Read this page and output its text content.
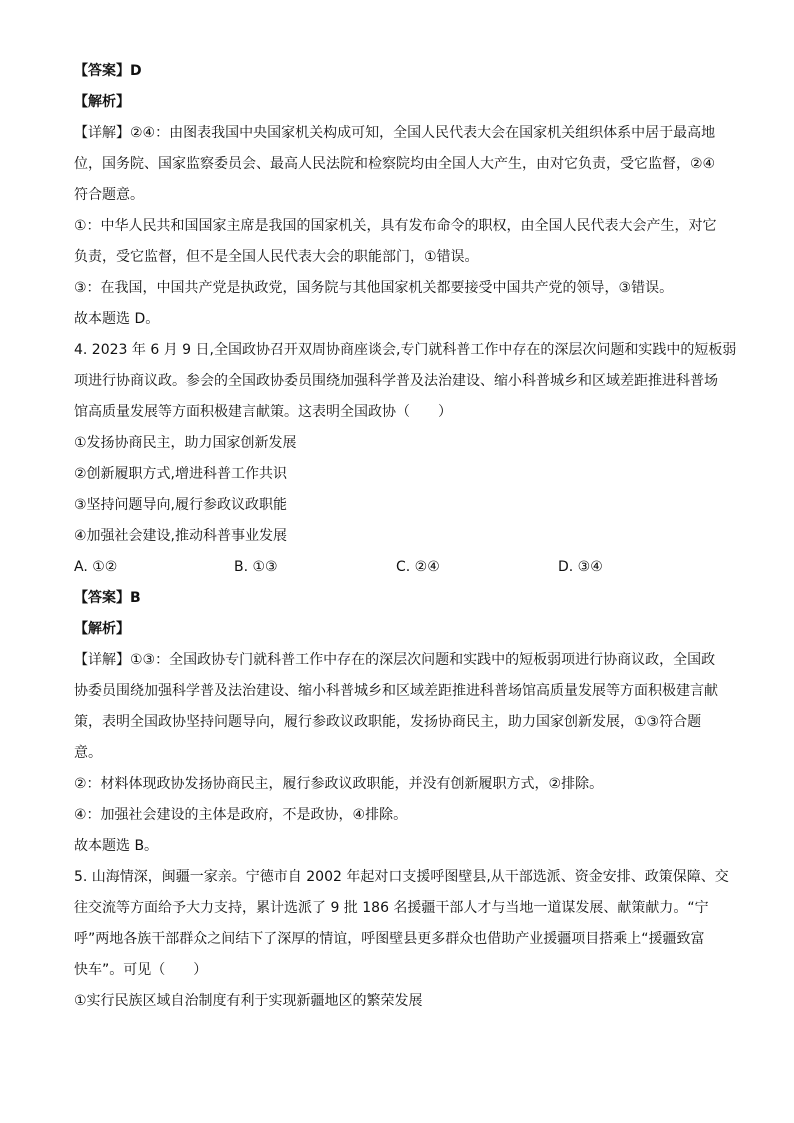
【答案】D
【解析】
【详解】②④：由图表我国中央国家机关构成可知，全国人民代表大会在国家机关组织体系中居于最高地
位，国务院、国家监察委员会、最高人民法院和检察院均由全国人大产生，由对它负责，受它监督，②④
符合题意。
①：中华人民共和国国家主席是我国的国家机关，具有发布命令的职权，由全国人民代表大会产生，对它
负责，受它监督，但不是全国人民代表大会的职能部门，①错误。
③：在我国，中国共产党是执政党，国务院与其他国家机关都要接受中国共产党的领导，③错误。
故本题选 D。
4. 2023 年 6 月 9 日,全国政协召开双周协商座谈会,专门就科普工作中存在的深层次问题和实践中的短板弱
项进行协商议政。参会的全国政协委员围绕加强科学普及法治建设、缩小科普城乡和区域差距推进科普场
馆高质量发展等方面积极建言献策。这表明全国政协（　　）
①发扬协商民主，助力国家创新发展
②创新履职方式,增进科普工作共识
③坚持问题导向,履行参政议政职能
④加强社会建设,推动科普事业发展
A. ①②	B. ①③	C. ②④	D. ③④
【答案】B
【解析】
【详解】①③：全国政协专门就科普工作中存在的深层次问题和实践中的短板弱项进行协商议政，全国政
协委员围绕加强科学普及法治建设、缩小科普城乡和区域差距推进科普场馆高质量发展等方面积极建言献
策，表明全国政协坚持问题导向，履行参政议政职能，发扬协商民主，助力国家创新发展，①③符合题
意。
②：材料体现政协发扬协商民主，履行参政议政职能，并没有创新履职方式，②排除。
④：加强社会建设的主体是政府，不是政协，④排除。
故本题选 B。
5. 山海情深，闽疆一家亲。宁德市自 2002 年起对口支援呼图壁县,从干部选派、资金安排、政策保障、交
往交流等方面给予大力支持，累计选派了 9 批 186 名援疆干部人才与当地一道谋发展、献策献力。“宁
呼”两地各族干部群众之间结下了深厚的情谊，呼图壁县更多群众也借助产业援疆项目搭乘上“援疆致富
快车”。可见（　　）
①实行民族区域自治制度有利于实现新疆地区的繁荣发展
